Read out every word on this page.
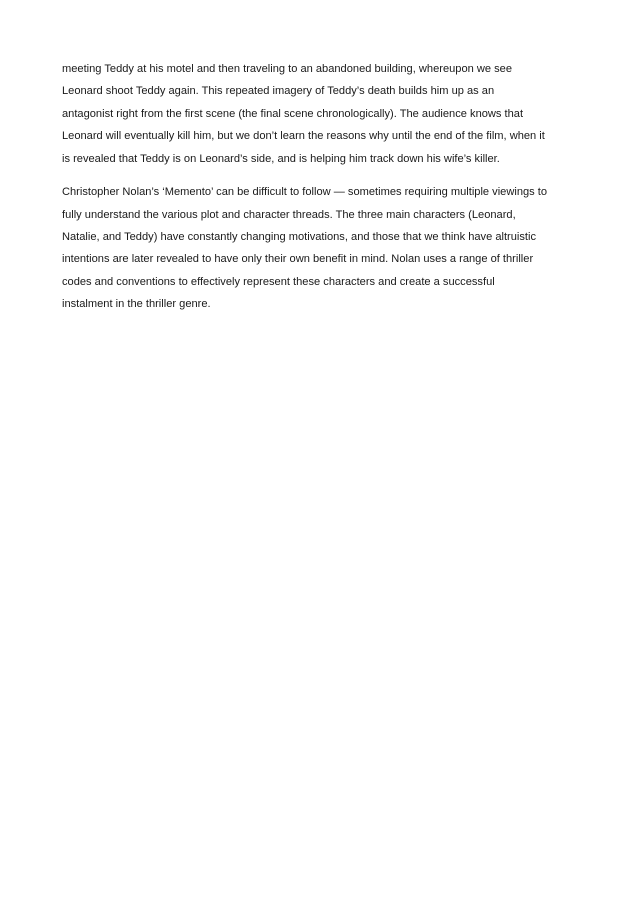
meeting Teddy at his motel and then traveling to an abandoned building, whereupon we see
Leonard shoot Teddy again. This repeated imagery of Teddy’s death builds him up as an
antagonist right from the first scene (the final scene chronologically). The audience knows that
Leonard will eventually kill him, but we don’t learn the reasons why until the end of the film, when it
is revealed that Teddy is on Leonard’s side, and is helping him track down his wife’s killer.
Christopher Nolan’s ‘Memento’ can be difficult to follow — sometimes requiring multiple viewings to
fully understand the various plot and character threads. The three main characters (Leonard,
Natalie, and Teddy) have constantly changing motivations, and those that we think have altruistic
intentions are later revealed to have only their own benefit in mind. Nolan uses a range of thriller
codes and conventions to effectively represent these characters and create a successful
instalment in the thriller genre.
